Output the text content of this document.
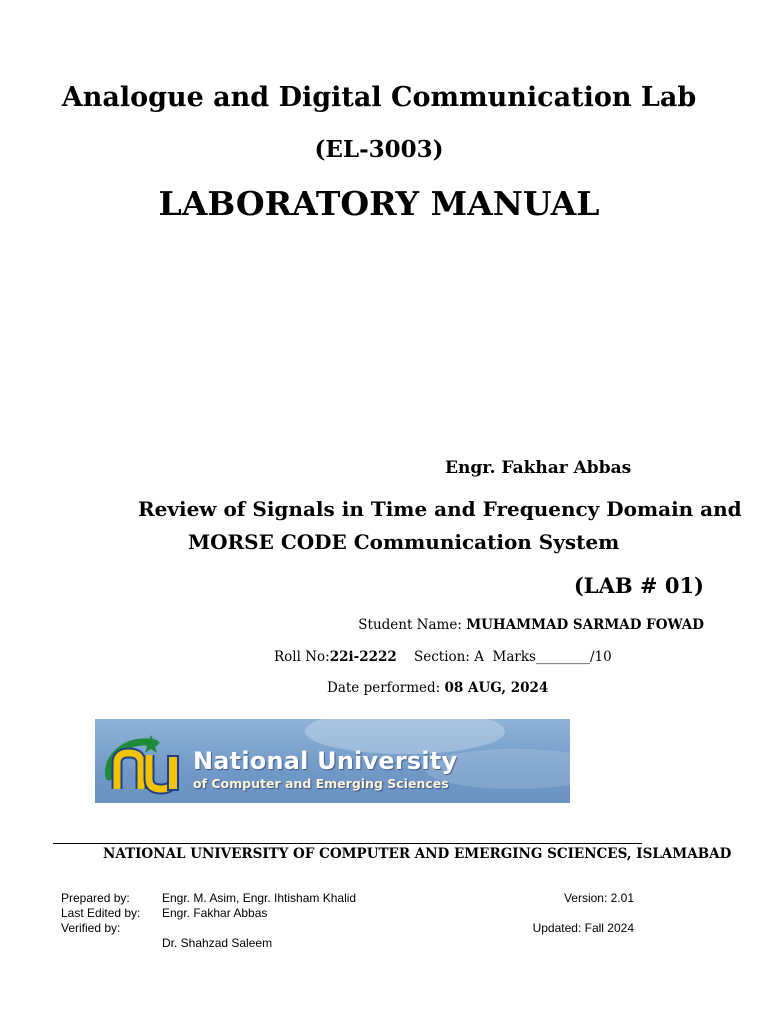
Analogue and Digital Communication Lab
(EL-3003)
LABORATORY MANUAL
Engr. Fakhar Abbas
Review of Signals in Time and Frequency Domain and
MORSE CODE Communication System
(LAB # 01)
Student Name: MUHAMMAD SARMAD FOWAD
Roll No:22i-2222 Section: A Marks________/10
Date performed: 08 AUG, 2024
National University
of Computer and Emerging Sciences
NATIONAL UNIVERSITY OF COMPUTER AND EMERGING SCIENCES, ISLAMABAD
Prepared by:	Engr. M. Asim, Engr. Ihtisham Khalid
Last Edited by: Engr. Fakhar Abbas
Verified by:
Dr. Shahzad Saleem
Version: 2.01
Updated: Fall 2024
